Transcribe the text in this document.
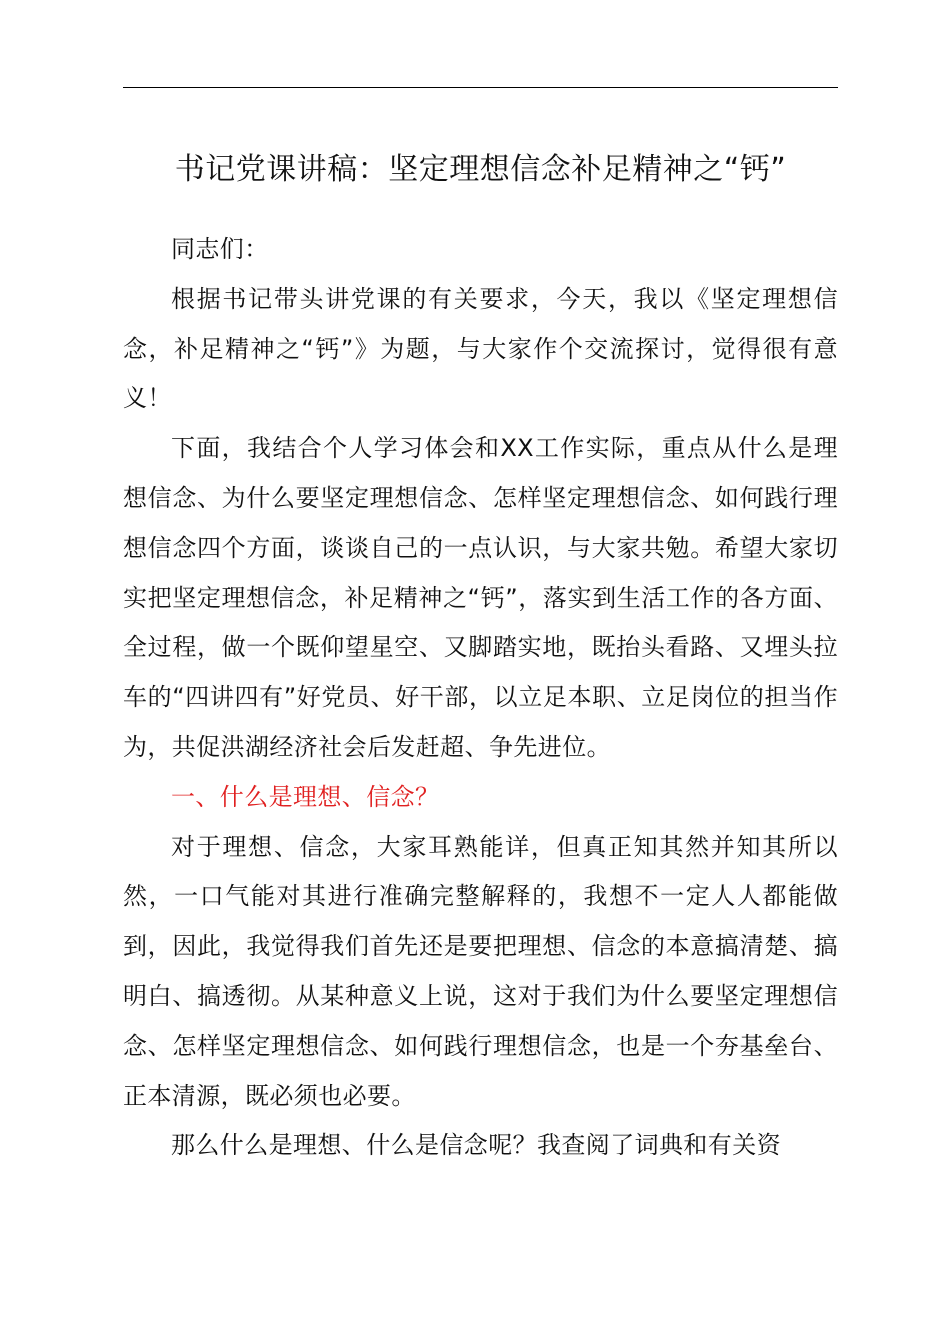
书记党课讲稿：坚定理想信念补足精神之“钙”

同志们：

根据书记带头讲党课的有关要求，今天，我以《坚定理想信念，补足精神之“钙”》为题，与大家作个交流探讨，觉得很有意义！

下面，我结合个人学习体会和XX工作实际，重点从什么是理想信念、为什么要坚定理想信念、怎样坚定理想信念、如何践行理想信念四个方面，谈谈自己的一点认识，与大家共勉。希望大家切实把坚定理想信念，补足精神之“钙”，落实到生活工作的各方面、全过程，做一个既仰望星空、又脚踏实地，既抬头看路、又埋头拉车的“四讲四有”好党员、好干部，以立足本职、立足岗位的担当作为，共促洪湖经济社会后发赶超、争先进位。

一、什么是理想、信念？

对于理想、信念，大家耳熟能详，但真正知其然并知其所以然，一口气能对其进行准确完整解释的，我想不一定人人都能做到，因此，我觉得我们首先还是要把理想、信念的本意搞清楚、搞明白、搞透彻。从某种意义上说，这对于我们为什么要坚定理想信念、怎样坚定理想信念、如何践行理想信念，也是一个夯基垒台、正本清源，既必须也必要。

那么什么是理想、什么是信念呢？我查阅了词典和有关资
